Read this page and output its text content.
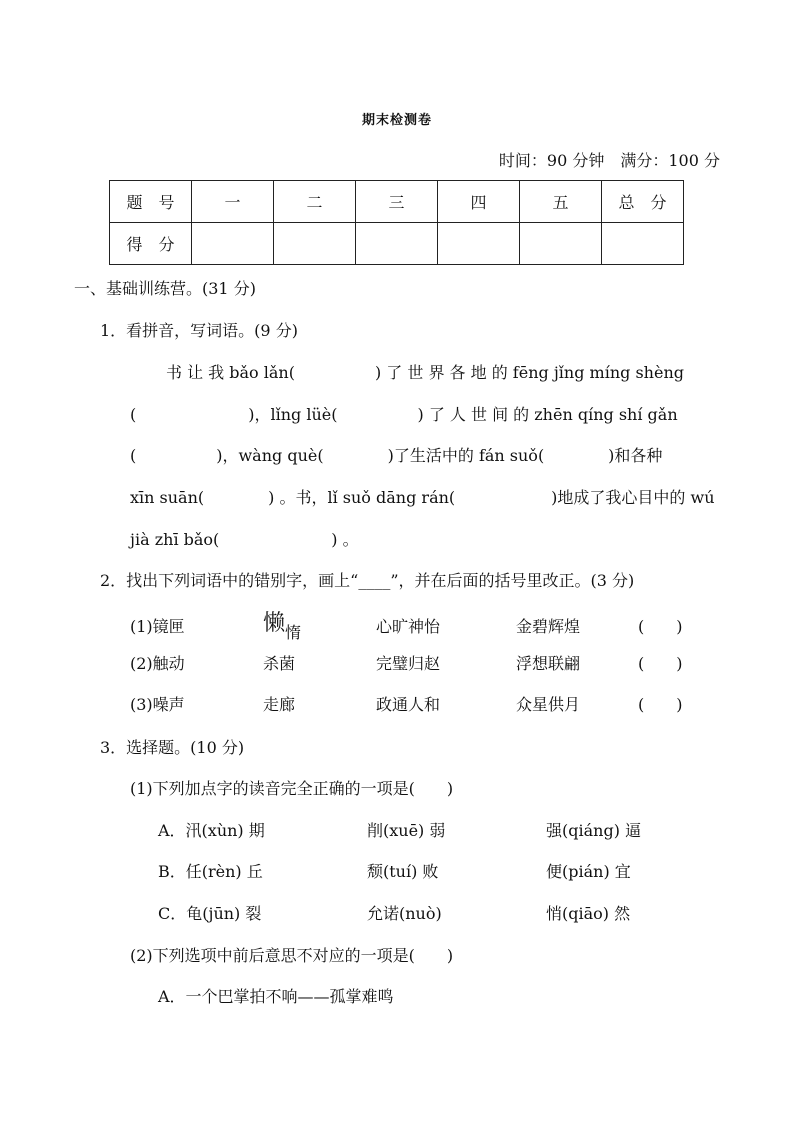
期末检测卷
时间：90 分钟　满分：100 分
题　号	一	二	三	四	五	总　分
得　分						
一、基础训练营。(31 分)
1．看拼音，写词语。(9 分)
书 让 我 bǎo lǎn(　　　　　) 了 世 界 各 地 的 fēng jǐng míng shèng
(　　　　　　　)，lǐng lüè(　　　　　) 了 人 世 间 的 zhēn qíng shí gǎn
(　　　　　)，wàng què(　　　　)了生活中的 fán suǒ(　　　　)和各种
xīn suān(　　　　) 。书，lǐ suǒ dāng rán(　　　　　　)地成了我心目中的 wú
jià zhī bǎo(　　　　　　　) 。
2．找出下列词语中的错别字，画上“____”，并在后面的括号里改正。(3 分)
(1)镜匣	懒惰	心旷神怡	金碧辉煌	(　　)
(2)触动	杀菌	完璧归赵	浮想联翩	(　　)
(3)噪声	走廊	政通人和	众星供月	(　　)
3．选择题。(10 分)
(1)下列加点字的读音完全正确的一项是(　　)
A．汛(xùn) 期	削(xuē) 弱	强(qiáng) 逼
B．任(rèn) 丘	颓(tuí) 败	便(pián) 宜
C．龟(jūn) 裂	允诺(nuò)	悄(qiāo) 然
(2)下列选项中前后意思不对应的一项是(　　)
A．一个巴掌拍不响——孤掌难鸣
